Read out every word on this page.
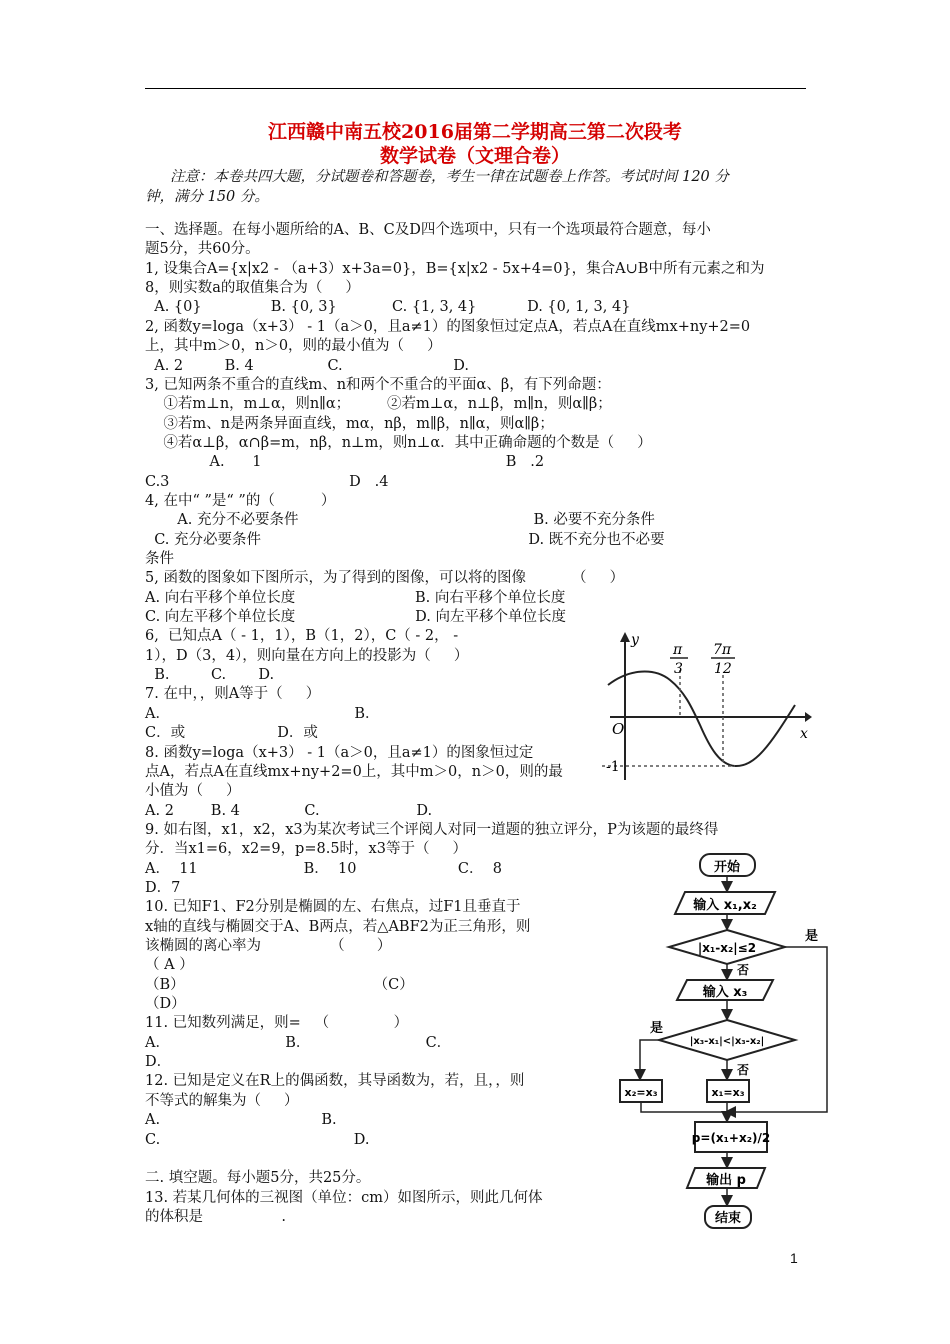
江西赣中南五校2016届第二学期高三第二次段考
数学试卷（文理合卷）
注意：本卷共四大题，分试题卷和答题卷，考生一律在试题卷上作答。考试时间 120 分
钟，满分 150 分。
一、选择题。在每小题所给的A、B、C及D四个选项中，只有一个选项最符合题意，每小
题5分，共60分。
1, 设集合A={x|x2 - （a+3）x+3a=0}，B={x|x2 - 5x+4=0}，集合A∪B中所有元素之和为
8，则实数a的取值集合为（     ）
A. {0}               B. {0, 3}            C. {1, 3, 4}           D. {0, 1, 3, 4}
2, 函数y=loga（x+3） - 1（a＞0，且a≠1）的图象恒过定点A，若点A在直线mx+ny+2=0
上，其中m＞0，n＞0，则的最小值为（     ）
A. 2         B. 4                C.                        D.
3, 已知两条不重合的直线m、n和两个不重合的平面α、β，有下列命题：
①若m⊥n，m⊥α，则n∥α；        ②若m⊥α，n⊥β，m∥n，则α∥β；
③若m、n是两条异面直线，mα，nβ，m∥β，n∥α，则α∥β；
④若α⊥β，α∩β=m，nβ，n⊥m，则n⊥α．其中正确命题的个数是（     ）
A.      1                                                     B   .2
C.3                                       D   .4
4, 在中“ ”是“ ”的（          ）
A. 充分不必要条件                                                   B. 必要不充分条件
C. 充分必要条件                                                          D. 既不充分也不必要
条件
5, 函数的图象如下图所示，为了得到的图像，可以将的图像          （     ）
A. 向右平移个单位长度                          B. 向右平移个单位长度
C. 向左平移个单位长度                          D. 向左平移个单位长度
6,  已知点A（ - 1，1），B（1，2），C（ - 2， -
1），D（3，4），则向量在方向上的投影为（     ）
B.         C.       D.
7. 在中，，则A等于（     ）
A．                                        B．
C．或                    D．或
8. 函数y=loga（x+3） - 1（a＞0，且a≠1）的图象恒过定
点A，若点A在直线mx+ny+2=0上，其中m＞0，n＞0，则的最
小值为（     ）
A. 2        B. 4              C.                     D.
9. 如右图，x1，x2，x3为某次考试三个评阅人对同一道题的独立评分，P为该题的最终得
分．当x1=6，x2=9，p=8.5时，x3等于（     ）
A．  11                       B．  10                      C．  8
D．7
10. 已知F1、F2分别是椭圆的左、右焦点，过F1且垂直于
x轴的直线与椭圆交于A、B两点，若△ABF2为正三角形，则
该椭圆的离心率为               （       ）
（ A ）
（B）                                         （C）
（D）
11. 已知数列满足，则=   （              ）
A．                         B．                         C．
D．
12. 已知是定义在R上的偶函数，其导函数为，若，且，，则
不等式的解集为（     ）
A.                                   B.
C.                                          D.
二. 填空题。每小题5分，共25分。
13. 若某几何体的三视图（单位：cm）如图所示，则此几何体
的体积是                 .
y
x
O
-1
π
3
7π
12
开始
输入 x₁,x₂
|x₁-x₂|≤2
是
否
输入 x₃
|x₃-x₁|<|x₃-x₂|
是
否
x₂=x₃	x₁=x₃
p=(x₁+x₂)/2
输出 p
结束
1
